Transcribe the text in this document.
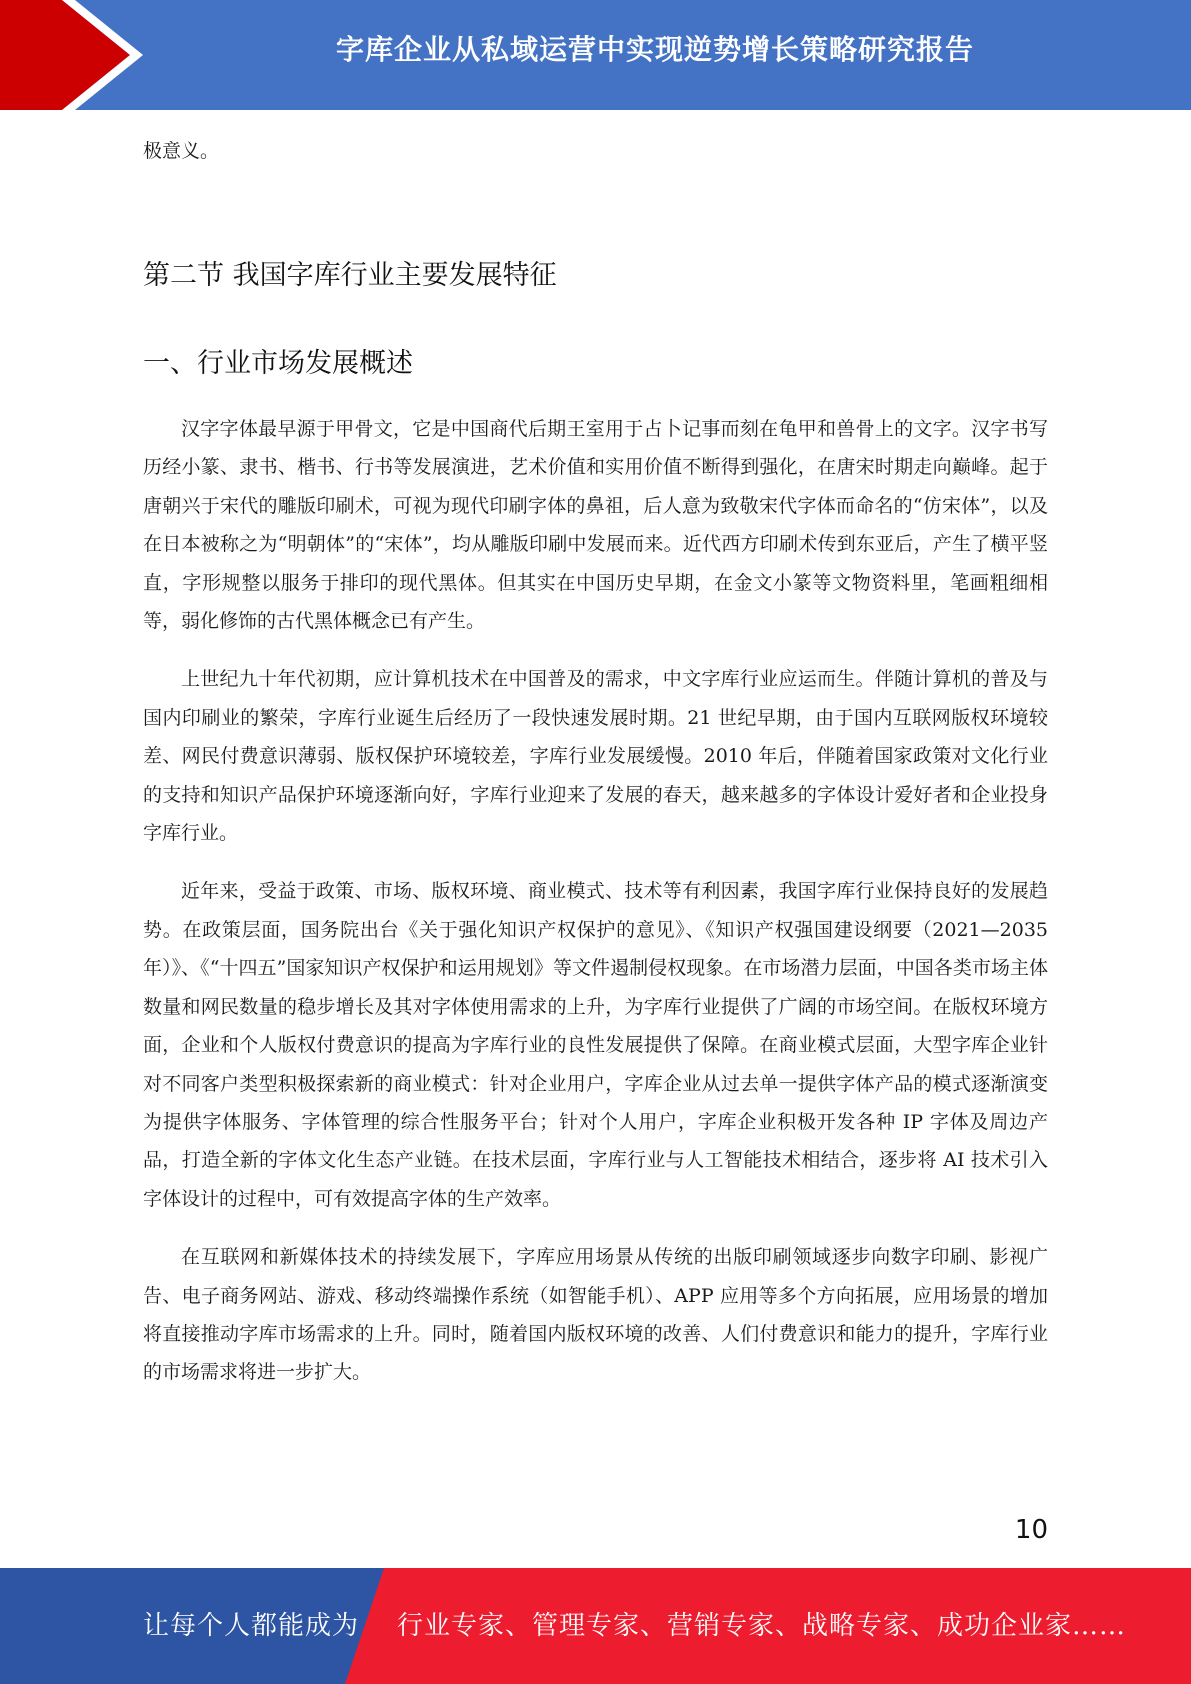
字库企业从私域运营中实现逆势增长策略研究报告

极意义。

第二节 我国字库行业主要发展特征
一、行业市场发展概述

汉字字体最早源于甲骨文，它是中国商代后期王室用于占卜记事而刻在龟甲和兽骨上的文字。汉字书写历经小篆、隶书、楷书、行书等发展演进，艺术价值和实用价值不断得到强化，在唐宋时期走向巅峰。起于唐朝兴于宋代的雕版印刷术，可视为现代印刷字体的鼻祖，后人意为致敬宋代字体而命名的“仿宋体”，以及在日本被称之为“明朝体”的“宋体”，均从雕版印刷中发展而来。近代西方印刷术传到东亚后，产生了横平竖直，字形规整以服务于排印的现代黑体。但其实在中国历史早期，在金文小篆等文物资料里，笔画粗细相等，弱化修饰的古代黑体概念已有产生。

上世纪九十年代初期，应计算机技术在中国普及的需求，中文字库行业应运而生。伴随计算机的普及与国内印刷业的繁荣，字库行业诞生后经历了一段快速发展时期。21 世纪早期，由于国内互联网版权环境较差、网民付费意识薄弱、版权保护环境较差，字库行业发展缓慢。2010 年后，伴随着国家政策对文化行业的支持和知识产品保护环境逐渐向好，字库行业迎来了发展的春天，越来越多的字体设计爱好者和企业投身字库行业。

近年来，受益于政策、市场、版权环境、商业模式、技术等有利因素，我国字库行业保持良好的发展趋势。在政策层面，国务院出台《关于强化知识产权保护的意见》、《知识产权强国建设纲要（2021—2035 年）》、《“十四五”国家知识产权保护和运用规划》等文件遏制侵权现象。在市场潜力层面，中国各类市场主体数量和网民数量的稳步增长及其对字体使用需求的上升，为字库行业提供了广阔的市场空间。在版权环境方面，企业和个人版权付费意识的提高为字库行业的良性发展提供了保障。在商业模式层面，大型字库企业针对不同客户类型积极探索新的商业模式：针对企业用户，字库企业从过去单一提供字体产品的模式逐渐演变为提供字体服务、字体管理的综合性服务平台；针对个人用户，字库企业积极开发各种 IP 字体及周边产品，打造全新的字体文化生态产业链。在技术层面，字库行业与人工智能技术相结合，逐步将 AI 技术引入字体设计的过程中，可有效提高字体的生产效率。

在互联网和新媒体技术的持续发展下，字库应用场景从传统的出版印刷领域逐步向数字印刷、影视广告、电子商务网站、游戏、移动终端操作系统（如智能手机）、APP 应用等多个方向拓展，应用场景的增加将直接推动字库市场需求的上升。同时，随着国内版权环境的改善、人们付费意识和能力的提升，字库行业的市场需求将进一步扩大。

10
让每个人都能成为 行业专家、管理专家、营销专家、战略专家、成功企业家……
